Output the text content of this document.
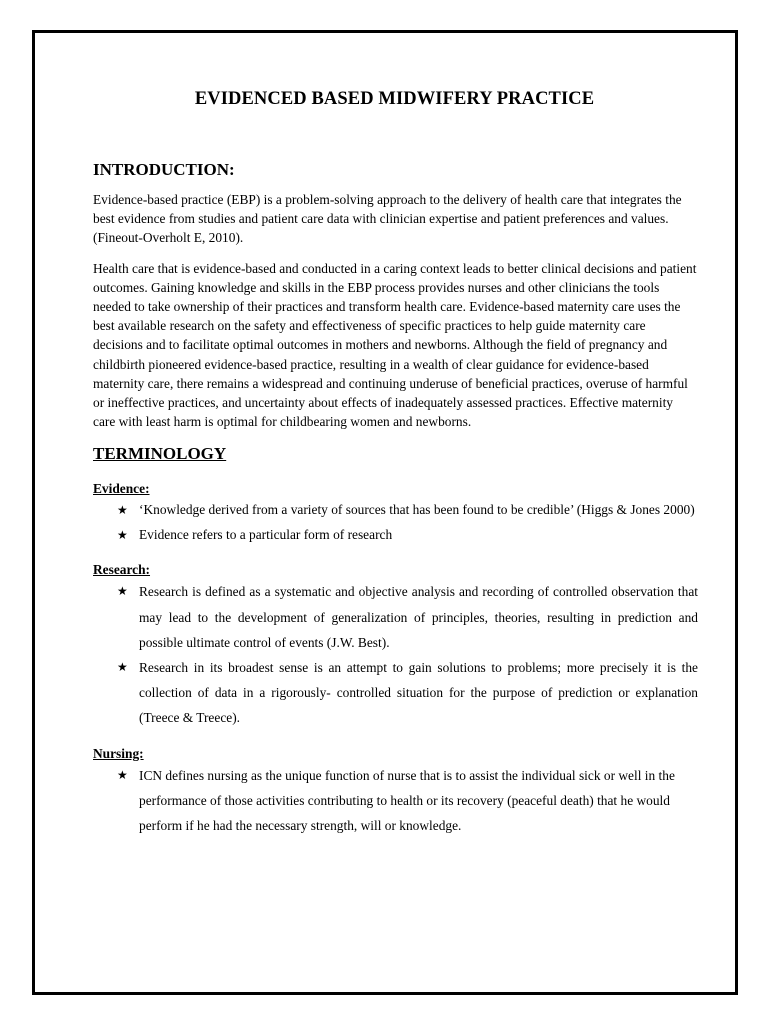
EVIDENCED BASED MIDWIFERY PRACTICE
INTRODUCTION:

Evidence-based practice (EBP) is a problem-solving approach to the delivery of health care that integrates the best evidence from studies and patient care data with clinician expertise and patient preferences and values. (Fineout-Overholt E, 2010).

Health care that is evidence-based and conducted in a caring context leads to better clinical decisions and patient outcomes. Gaining knowledge and skills in the EBP process provides nurses and other clinicians the tools needed to take ownership of their practices and transform health care. Evidence-based maternity care uses the best available research on the safety and effectiveness of specific practices to help guide maternity care decisions and to facilitate optimal outcomes in mothers and newborns. Although the field of pregnancy and childbirth pioneered evidence-based practice, resulting in a wealth of clear guidance for evidence-based maternity care, there remains a widespread and continuing underuse of beneficial practices, overuse of harmful or ineffective practices, and uncertainty about effects of inadequately assessed practices. Effective maternity care with least harm is optimal for childbearing women and newborns.

TERMINOLOGY
Evidence:
★ ‘Knowledge derived from a variety of sources that has been found to be credible’ (Higgs & Jones 2000)
★ Evidence refers to a particular form of research
Research:
★ Research is defined as a systematic and objective analysis and recording of controlled observation that may lead to the development of generalization of principles, theories, resulting in prediction and possible ultimate control of events (J.W. Best).
★ Research in its broadest sense is an attempt to gain solutions to problems; more precisely it is the collection of data in a rigorously- controlled situation for the purpose of prediction or explanation (Treece & Treece).
Nursing:
★ ICN defines nursing as the unique function of nurse that is to assist the individual sick or well in the performance of those activities contributing to health or its recovery (peaceful death) that he would perform if he had the necessary strength, will or knowledge.
